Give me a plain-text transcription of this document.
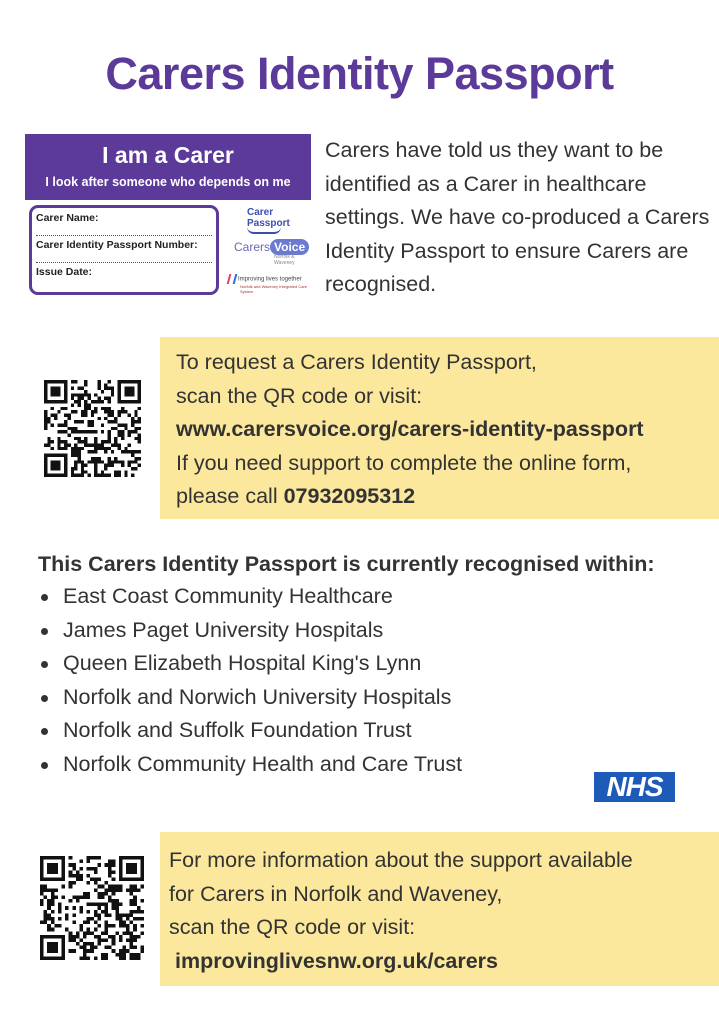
Carers Identity Passport
I am a Carer
I look after someone who depends on me
Carer Name:
Carer Identity Passport Number:
Issue Date:
Carer
Passport
Carers Voice
Norfolk & Waveney
Improving lives together
Norfolk and Waveney Integrated Care System

Carers have told us they want to be identified as a Carer in healthcare settings. We have co-produced a Carers Identity Passport to ensure Carers are recognised.

To request a Carers Identity Passport,
scan the QR code or visit:
www.carersvoice.org/carers-identity-passport
If you need support to complete the online form,
please call 07932095312
This Carers Identity Passport is currently recognised within:
East Coast Community Healthcare
James Paget University Hospitals
Queen Elizabeth Hospital King's Lynn
Norfolk and Norwich University Hospitals
Norfolk and Suffolk Foundation Trust
Norfolk Community Health and Care Trust
NHS
For more information about the support available
for Carers in Norfolk and Waveney,
scan the QR code or visit:
improvinglivesnw.org.uk/carers
